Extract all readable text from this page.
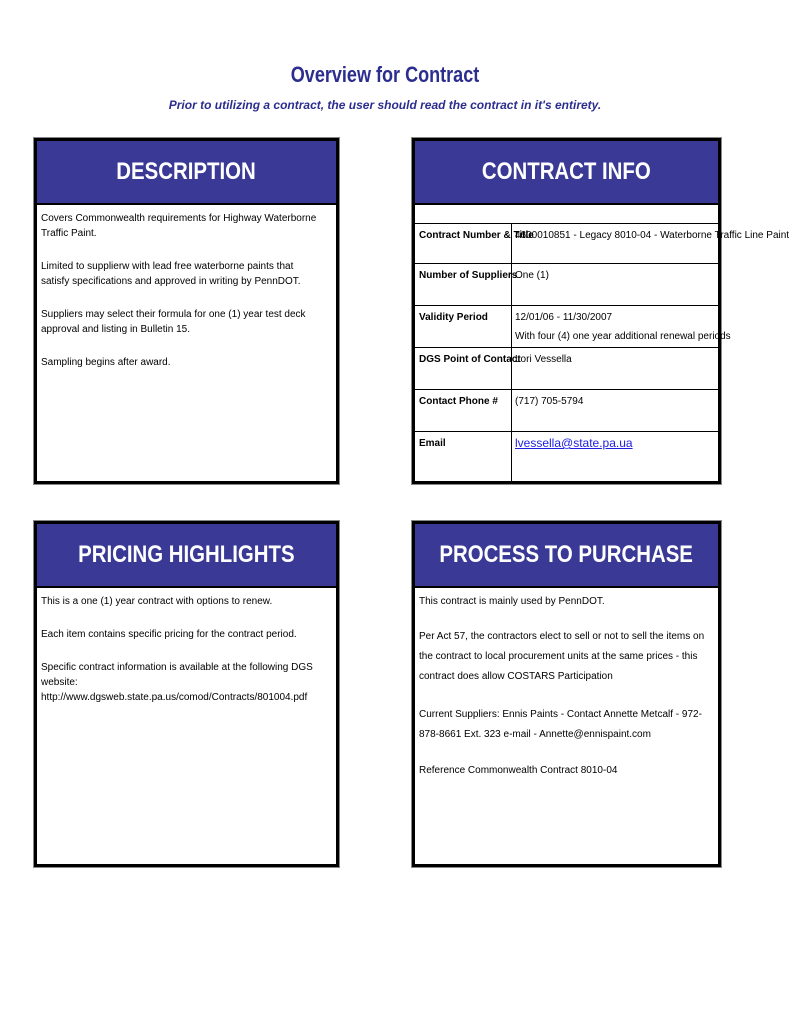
Overview for Contract
Prior to utilizing a contract, the user should read the contract in it's entirety.
DESCRIPTION

Covers Commonwealth requirements for Highway Waterborne Traffic Paint.

Limited to supplierw with lead free waterborne paints that satisfy specifications and approved in writing by PennDOT.

Suppliers may select their formula for one (1) year test deck approval and listing in Bulletin 15.

Sampling begins after award.

CONTRACT INFO
Contract Number & Title
4600010851 - Legacy 8010-04 - Waterborne Traffic Line Paint
Number of Suppliers
One (1)
Validity Period	12/01/06 - 11/30/2007
With four (4) one year additional renewal periods
DGS Point of Contact
Lori Vessella
Contact Phone # (717) 705-5794
Email	lvessella@state.pa.ua
PRICING HIGHLIGHTS

This is a one (1) year contract with options to renew.

Each item contains specific pricing for the contract period.

Specific contract information is available at the following DGS website: http://www.dgsweb.state.pa.us/comod/Contracts/801004.pdf

PROCESS TO PURCHASE

This contract is mainly used by PennDOT.

Per Act 57, the contractors elect to sell or not to sell the items on the contract to local procurement units at the same prices - this contract does allow COSTARS Participation

Current Suppliers: Ennis Paints - Contact Annette Metcalf - 972-878-8661 Ext. 323 e-mail - Annette@ennispaint.com

Reference Commonwealth Contract 8010-04
